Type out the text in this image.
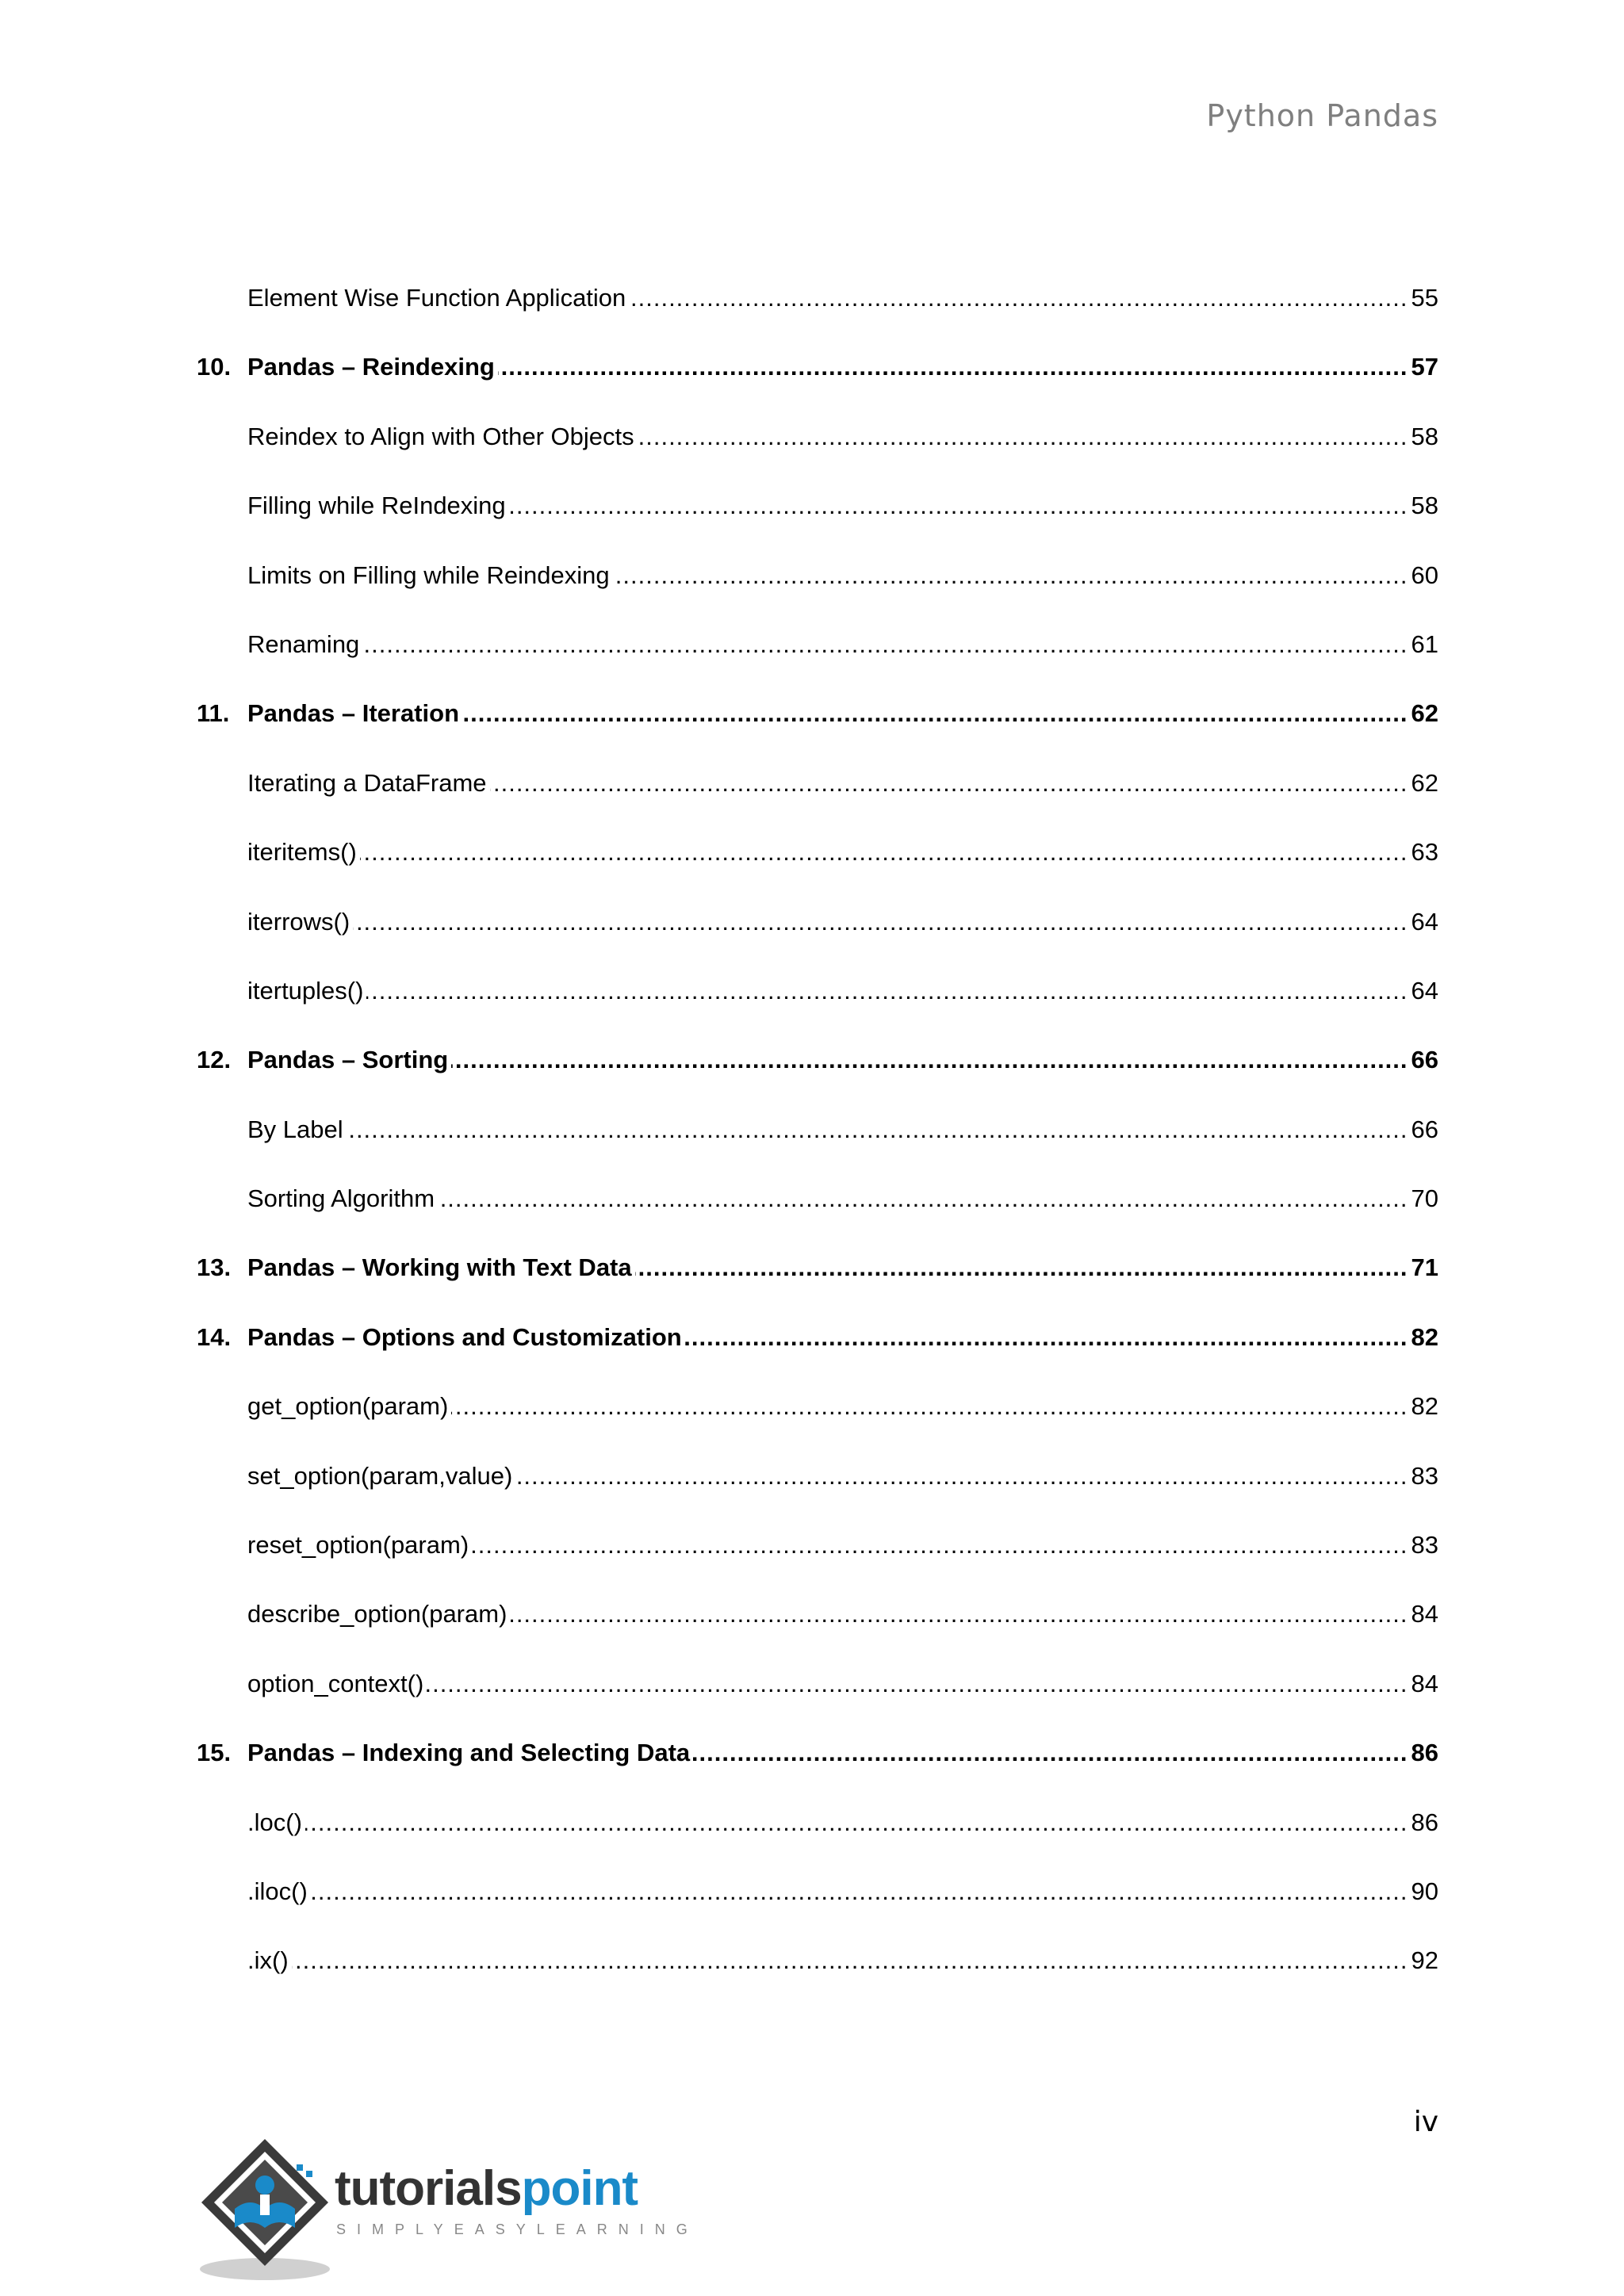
Python Pandas
Element Wise Function Application .....	55
10. Pandas – Reindexing .....	57
Reindex to Align with Other Objects .....	58
Filling while ReIndexing .....	58
Limits on Filling while Reindexing .....	60
Renaming .....	61
11. Pandas – Iteration .....	62
Iterating a DataFrame .....	62
iteritems() .....	63
iterrows() .....	64
itertuples() .....	64
12. Pandas – Sorting .....	66
By Label .....	66
Sorting Algorithm .....	70
13. Pandas – Working with Text Data .....	71
14. Pandas – Options and Customization .....	82
get_option(param) .....	82
set_option(param,value) .....	83
reset_option(param) .....	83
describe_option(param) .....	84
option_context() .....	84
15. Pandas – Indexing and Selecting Data .....	86
.loc() .....	86
.iloc() .....	90
.ix() .....	92
iv
tutorialspoint
SIMPLYEASYLEARNING
